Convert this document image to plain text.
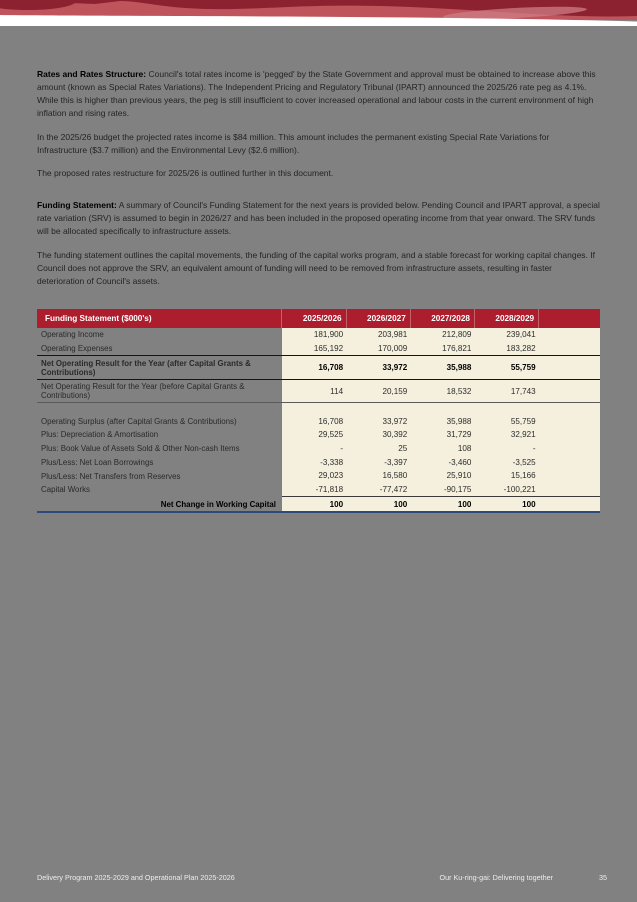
Rates and Rates Structure: Council's total rates income is 'pegged' by the State Government and approval must be obtained to increase above this amount (known as Special Rates Variations). The Independent Pricing and Regulatory Tribunal (IPART) announced the 2025/26 rate peg as 4.1%. While this is higher than previous years, the peg is still insufficient to cover increased operational and labour costs in the current environment of high inflation and rising rates.

In the 2025/26 budget the projected rates income is $84 million. This amount includes the permanent existing Special Rate Variations for Infrastructure ($3.7 million) and the Environmental Levy ($2.6 million).

The proposed rates restructure for 2025/26 is outlined further in this document.

Funding Statement: A summary of Council's Funding Statement for the next years is provided below. Pending Council and IPART approval, a special rate variation (SRV) is assumed to begin in 2026/27 and has been included in the proposed operating income from that year onward. The SRV funds will be allocated specifically to infrastructure assets.

The funding statement outlines the capital movements, the funding of the capital works program, and a stable forecast for working capital changes. If Council does not approve the SRV, an equivalent amount of funding will need to be removed from infrastructure assets, resulting in faster deterioration of Council's assets.

Funding Statement ($000's)	2025/2026	2026/2027	2027/2028	2028/2029	
Operating Income	181,900	203,981	212,809	239,041	
Operating Expenses	165,192	170,009	176,821	183,282	
Net Operating Result for the Year (after Capital Grants & Contributions)	16,708	33,972	35,988	55,759	
Net Operating Result for the Year (before Capital Grants & Contributions)	114	20,159	18,532	17,743	

Operating Surplus (after Capital Grants & Contributions)	16,708	33,972	35,988	55,759	
Plus: Depreciation & Amortisation	29,525	30,392	31,729	32,921	
Plus: Book Value of Assets Sold & Other Non-cash Items	-	25	108	-	
Plus/Less: Net Loan Borrowings	-3,338	-3,397	-3,460	-3,525	
Plus/Less: Net Transfers from Reserves	29,023	16,580	25,910	15,166	
Capital Works	-71,818	-77,472	-90,175	-100,221	
Net Change in Working Capital	100	100	100	100	
Delivery Program 2025-2029 and Operational Plan 2025-2026	Our Ku-ring-gai: Delivering together	35
